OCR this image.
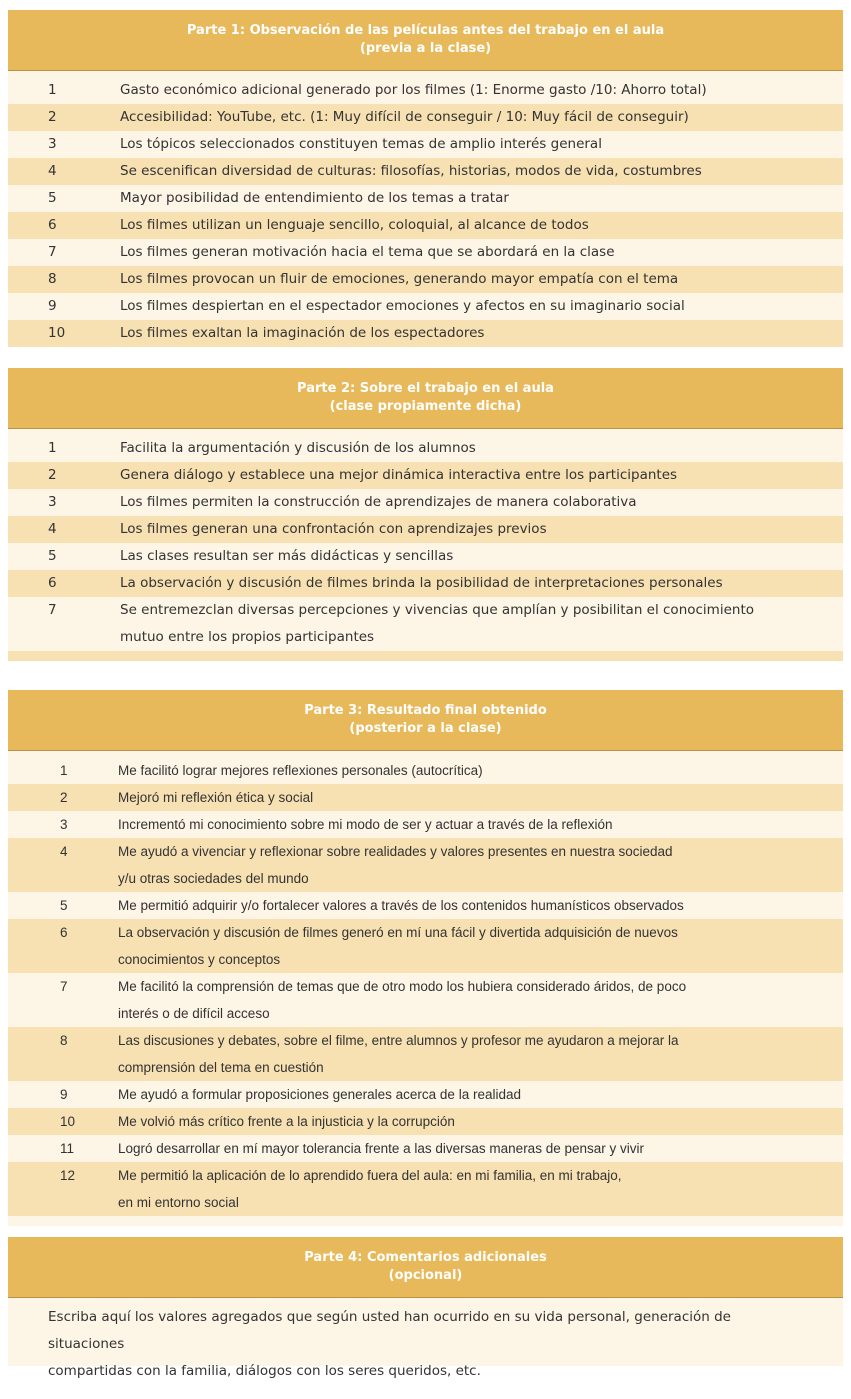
Parte 1: Observación de las películas antes del trabajo en el aula
(previa a la clase)
1	Gasto económico adicional generado por los filmes (1: Enorme gasto /10: Ahorro total)
2	Accesibilidad: YouTube, etc. (1: Muy difícil de conseguir / 10: Muy fácil de conseguir)
3	Los tópicos seleccionados constituyen temas de amplio interés general
4	Se escenifican diversidad de culturas: filosofías, historias, modos de vida, costumbres
5	Mayor posibilidad de entendimiento de los temas a tratar
6	Los filmes utilizan un lenguaje sencillo, coloquial, al alcance de todos
7	Los filmes generan motivación hacia el tema que se abordará en la clase
8	Los filmes provocan un fluir de emociones, generando mayor empatía con el tema
9	Los filmes despiertan en el espectador emociones y afectos en su imaginario social
10	Los filmes exaltan la imaginación de los espectadores
Parte 2: Sobre el trabajo en el aula
(clase propiamente dicha)
1	Facilita la argumentación y discusión de los alumnos
2	Genera diálogo y establece una mejor dinámica interactiva entre los participantes
3	Los filmes permiten la construcción de aprendizajes de manera colaborativa
4	Los filmes generan una confrontación con aprendizajes previos
5	Las clases resultan ser más didácticas y sencillas
6	La observación y discusión de filmes brinda la posibilidad de interpretaciones personales
7	Se entremezclan diversas percepciones y vivencias que amplían y posibilitan el conocimiento
mutuo entre los propios participantes
Parte 3: Resultado final obtenido
(posterior a la clase)
1	Me facilitó lograr mejores reflexiones personales (autocrítica)
2	Mejoró mi reflexión ética y social
3	Incrementó mi conocimiento sobre mi modo de ser y actuar a través de la reflexión
4	Me ayudó a vivenciar y reflexionar sobre realidades y valores presentes en nuestra sociedad
y/u otras sociedades del mundo
5	Me permitió adquirir y/o fortalecer valores a través de los contenidos humanísticos observados
6	La observación y discusión de filmes generó en mí una fácil y divertida adquisición de nuevos
conocimientos y conceptos
7	Me facilitó la comprensión de temas que de otro modo los hubiera considerado áridos, de poco
interés o de difícil acceso
8	Las discusiones y debates, sobre el filme, entre alumnos y profesor me ayudaron a mejorar la
comprensión del tema en cuestión
9	Me ayudó a formular proposiciones generales acerca de la realidad
10	Me volvió más crítico frente a la injusticia y la corrupción
11	Logró desarrollar en mí mayor tolerancia frente a las diversas maneras de pensar y vivir
12	Me permitió la aplicación de lo aprendido fuera del aula: en mi familia, en mi trabajo,
en mi entorno social
Parte 4: Comentarios adicionales
(opcional)
Escriba aquí los valores agregados que según usted han ocurrido en su vida personal, generación de situaciones
compartidas con la familia, diálogos con los seres queridos, etc.
